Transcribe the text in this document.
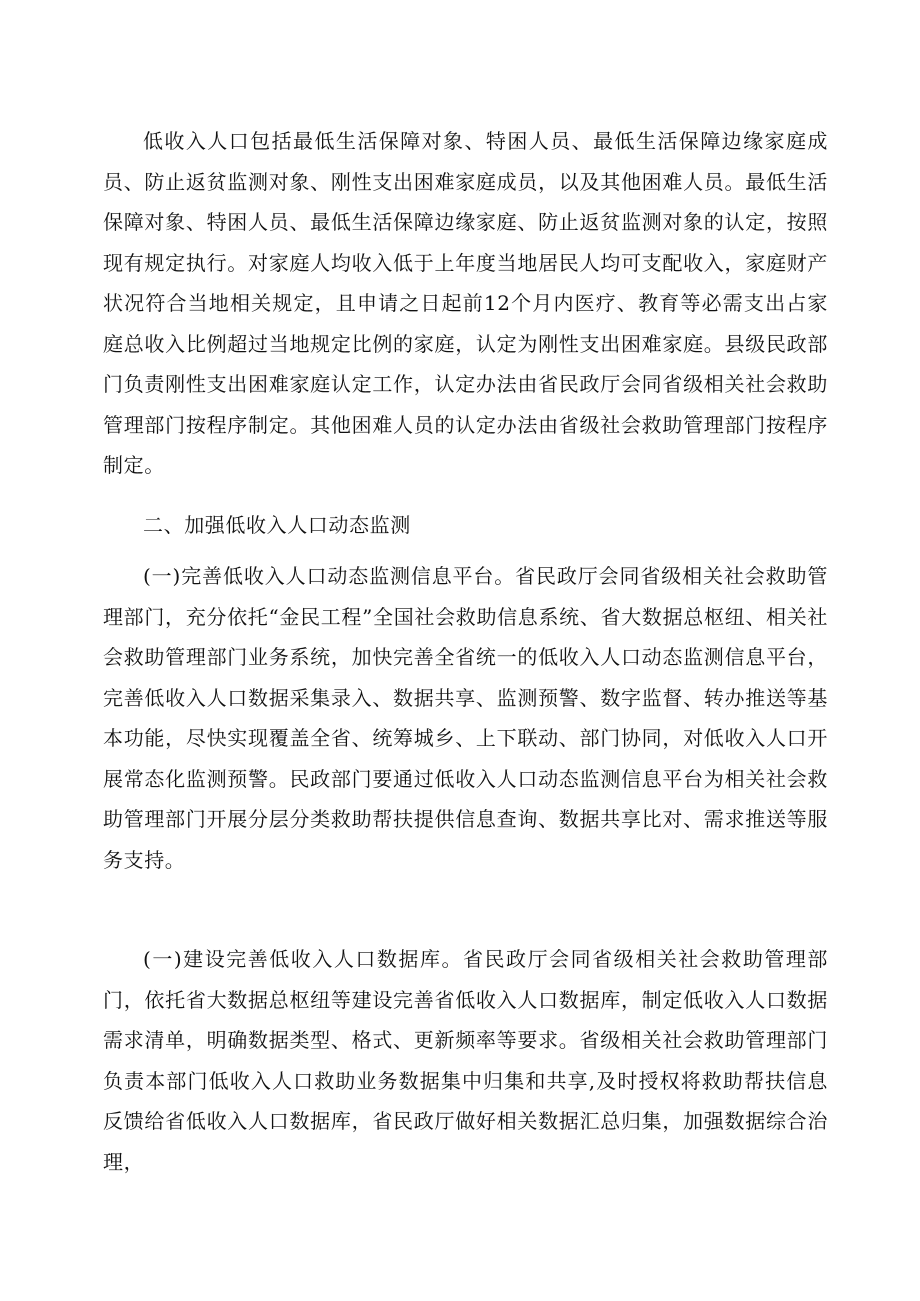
低收入人口包括最低生活保障对象、特困人员、最低生活保障边缘家庭成员、防止返贫监测对象、刚性支出困难家庭成员，以及其他困难人员。最低生活保障对象、特困人员、最低生活保障边缘家庭、防止返贫监测对象的认定，按照现有规定执行。对家庭人均收入低于上年度当地居民人均可支配收入，家庭财产状况符合当地相关规定，且申请之日起前12个月内医疗、教育等必需支出占家庭总收入比例超过当地规定比例的家庭，认定为刚性支出困难家庭。县级民政部门负责刚性支出困难家庭认定工作，认定办法由省民政厅会同省级相关社会救助管理部门按程序制定。其他困难人员的认定办法由省级社会救助管理部门按程序制定。

二、加强低收入人口动态监测

(一)完善低收入人口动态监测信息平台。省民政厅会同省级相关社会救助管理部门，充分依托“金民工程”全国社会救助信息系统、省大数据总枢纽、相关社会救助管理部门业务系统，加快完善全省统一的低收入人口动态监测信息平台，完善低收入人口数据采集录入、数据共享、监测预警、数字监督、转办推送等基本功能，尽快实现覆盖全省、统筹城乡、上下联动、部门协同，对低收入人口开展常态化监测预警。民政部门要通过低收入人口动态监测信息平台为相关社会救助管理部门开展分层分类救助帮扶提供信息查询、数据共享比对、需求推送等服务支持。

(一)建设完善低收入人口数据库。省民政厅会同省级相关社会救助管理部门，依托省大数据总枢纽等建设完善省低收入人口数据库，制定低收入人口数据需求清单，明确数据类型、格式、更新频率等要求。省级相关社会救助管理部门负责本部门低收入人口救助业务数据集中归集和共享,及时授权将救助帮扶信息反馈给省低收入人口数据库，省民政厅做好相关数据汇总归集，加强数据综合治理，
